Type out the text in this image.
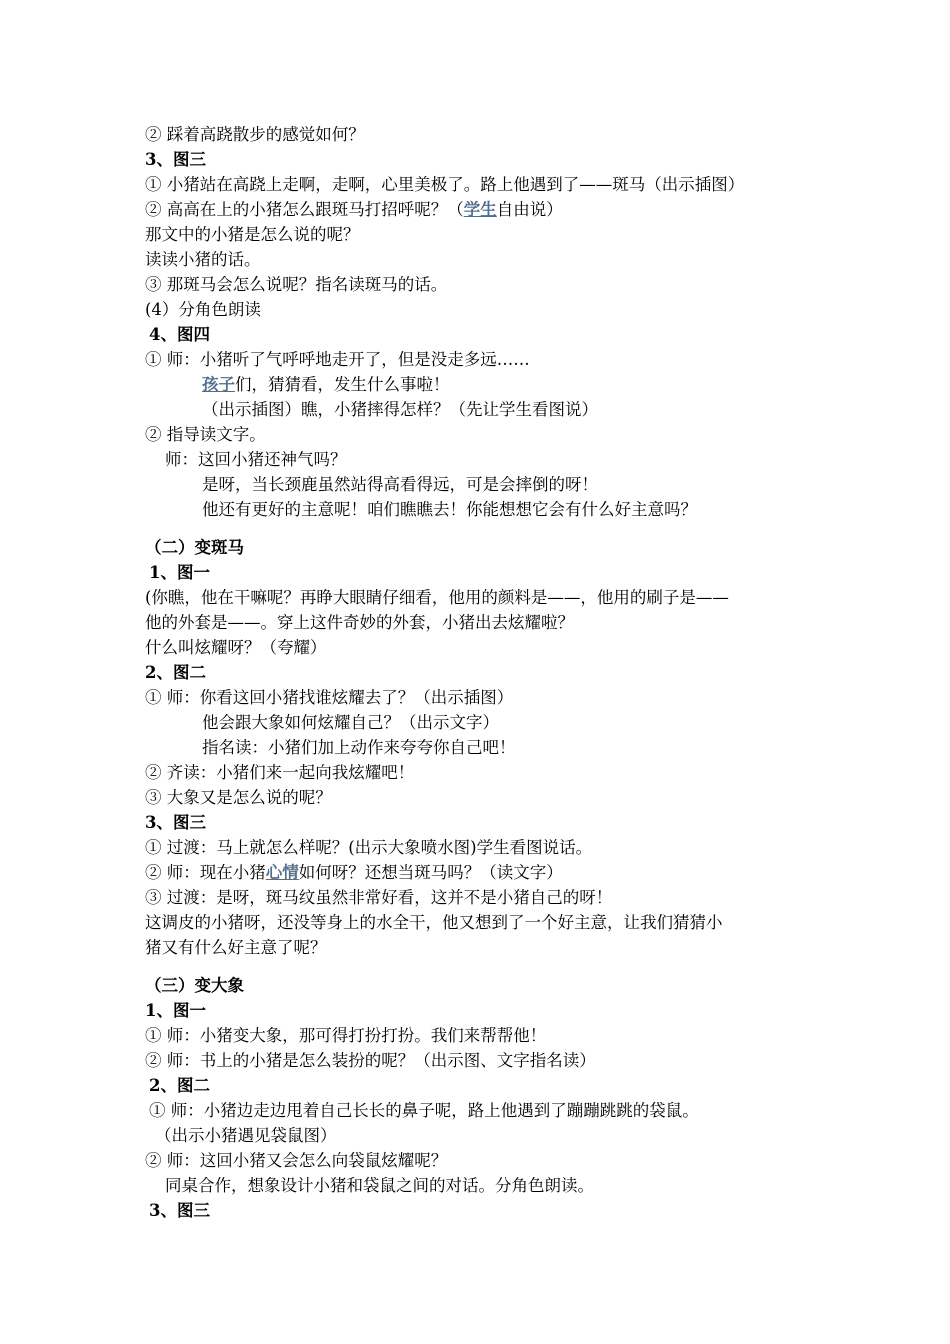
② 踩着高跷散步的感觉如何？
3、图三
① 小猪站在高跷上走啊，走啊，心里美极了。路上他遇到了——斑马（出示插图）
② 高高在上的小猪怎么跟斑马打招呼呢？（学生自由说）
那文中的小猪是怎么说的呢？
读读小猪的话。
③ 那斑马会怎么说呢？指名读斑马的话。
(4）分角色朗读
4、图四
① 师：小猪听了气呼呼地走开了，但是没走多远……
孩子们，猜猜看，发生什么事啦！
（出示插图）瞧，小猪摔得怎样？（先让学生看图说）
② 指导读文字。
师：这回小猪还神气吗？
是呀，当长颈鹿虽然站得高看得远，可是会摔倒的呀！
他还有更好的主意呢！咱们瞧瞧去！你能想想它会有什么好主意吗？
（二）变斑马
1、图一
(你瞧，他在干嘛呢？再睁大眼睛仔细看，他用的颜料是——，他用的刷子是——
他的外套是——。穿上这件奇妙的外套，小猪出去炫耀啦？
什么叫炫耀呀？（夸耀）
2、图二
① 师：你看这回小猪找谁炫耀去了？（出示插图）
他会跟大象如何炫耀自己？（出示文字）
指名读：小猪们加上动作来夸夸你自己吧！
② 齐读：小猪们来一起向我炫耀吧！
③ 大象又是怎么说的呢？
3、图三
① 过渡：马上就怎么样呢？(出示大象喷水图)学生看图说话。
② 师：现在小猪心情如何呀？还想当斑马吗？（读文字）
③ 过渡：是呀，斑马纹虽然非常好看，这并不是小猪自己的呀！
这调皮的小猪呀，还没等身上的水全干，他又想到了一个好主意，让我们猜猜小
猪又有什么好主意了呢？
（三）变大象
1、图一
① 师：小猪变大象，那可得打扮打扮。我们来帮帮他！
② 师：书上的小猪是怎么装扮的呢？（出示图、文字指名读）
2、图二
① 师：小猪边走边甩着自己长长的鼻子呢，路上他遇到了蹦蹦跳跳的袋鼠。
（出示小猪遇见袋鼠图）
② 师：这回小猪又会怎么向袋鼠炫耀呢？
同桌合作，想象设计小猪和袋鼠之间的对话。分角色朗读。
3、图三
